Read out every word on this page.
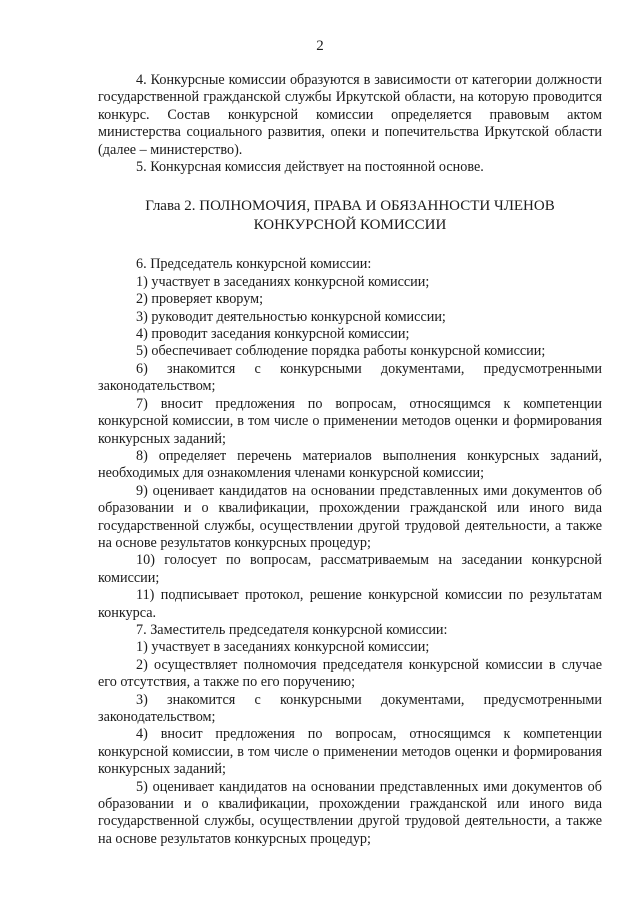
2

4. Конкурсные комиссии образуются в зависимости от категории должности государственной гражданской службы Иркутской области, на которую проводится конкурс. Состав конкурсной комиссии определяется правовым актом министерства социального развития, опеки и попечительства Иркутской области (далее – министерство).

5. Конкурсная комиссия действует на постоянной основе.

Глава 2. ПОЛНОМОЧИЯ, ПРАВА И ОБЯЗАННОСТИ ЧЛЕНОВ
КОНКУРСНОЙ КОМИССИИ

6. Председатель конкурсной комиссии:

1) участвует в заседаниях конкурсной комиссии;

2) проверяет кворум;

3) руководит деятельностью конкурсной комиссии;

4) проводит заседания конкурсной комиссии;

5) обеспечивает соблюдение порядка работы конкурсной комиссии;

6) знакомится с конкурсными документами, предусмотренными законодательством;

7) вносит предложения по вопросам, относящимся к компетенции конкурсной комиссии, в том числе о применении методов оценки и формирования конкурсных заданий;

8) определяет перечень материалов выполнения конкурсных заданий, необходимых для ознакомления членами конкурсной комиссии;

9) оценивает кандидатов на основании представленных ими документов об образовании и о квалификации, прохождении гражданской или иного вида государственной службы, осуществлении другой трудовой деятельности, а также на основе результатов конкурсных процедур;

10) голосует по вопросам, рассматриваемым на заседании конкурсной комиссии;

11) подписывает протокол, решение конкурсной комиссии по результатам конкурса.

7. Заместитель председателя конкурсной комиссии:

1) участвует в заседаниях конкурсной комиссии;

2) осуществляет полномочия председателя конкурсной комиссии в случае его отсутствия, а также по его поручению;

3) знакомится с конкурсными документами, предусмотренными законодательством;

4) вносит предложения по вопросам, относящимся к компетенции конкурсной комиссии, в том числе о применении методов оценки и формирования конкурсных заданий;

5) оценивает кандидатов на основании представленных ими документов об образовании и о квалификации, прохождении гражданской или иного вида государственной службы, осуществлении другой трудовой деятельности, а также на основе результатов конкурсных процедур;
